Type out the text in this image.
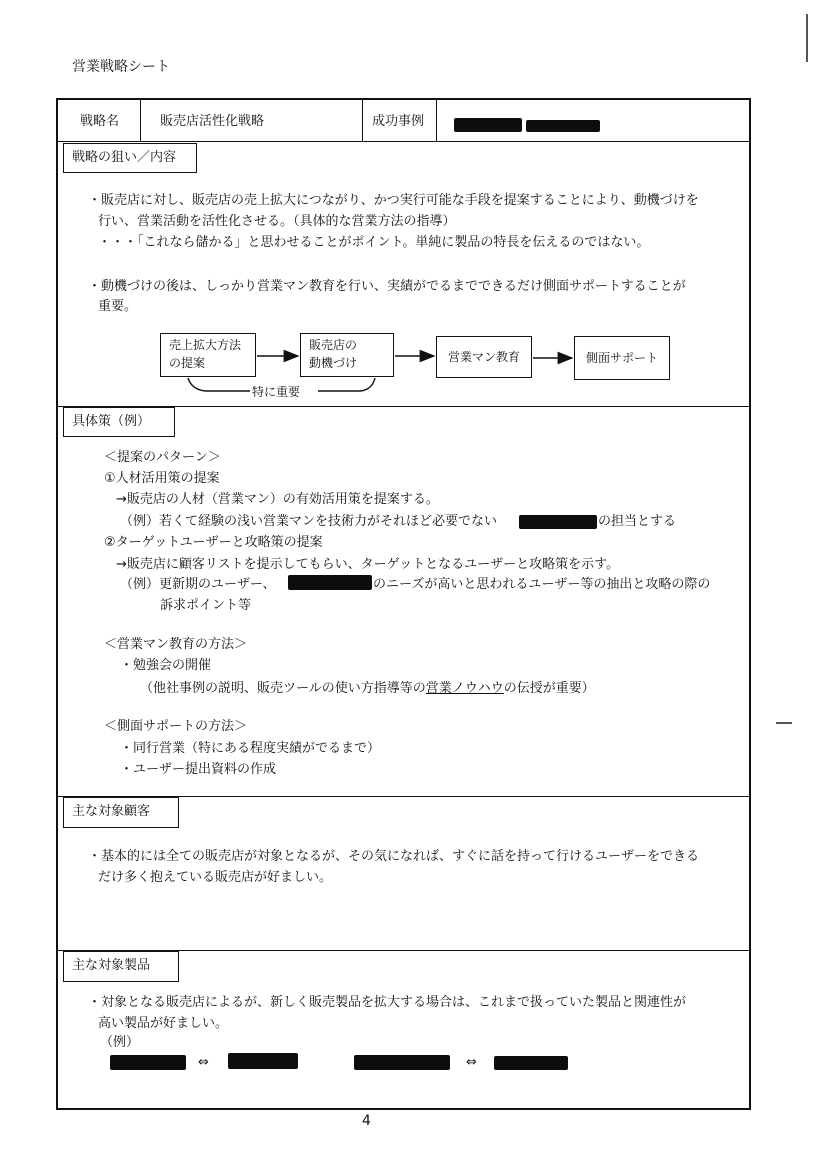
営業戦略シート
戦略名	販売店活性化戦略	成功事例
戦略の狙い／内容
・販売店に対し、販売店の売上拡大につながり、かつ実行可能な手段を提案することにより、動機づけを
行い、営業活動を活性化させる。（具体的な営業方法の指導）
・・・「これなら儲かる」と思わせることがポイント。単純に製品の特長を伝えるのではない。
・動機づけの後は、しっかり営業マン教育を行い、実績がでるまでできるだけ側面サポートすることが
重要。
売上拡大方法
の提案
販売店の
動機づけ	営業マン教育	側面サポート
特に重要
具体策（例）
＜提案のパターン＞
①人材活用策の提案
→販売店の人材（営業マン）の有効活用策を提案する。
（例）若くて経験の浅い営業マンを技術力がそれほど必要でない	の担当とする
②ターゲットユーザーと攻略策の提案
→販売店に顧客リストを提示してもらい、ターゲットとなるユーザーと攻略策を示す。
（例）更新期のユーザー、	のニーズが高いと思われるユーザー等の抽出と攻略の際の
訴求ポイント等
＜営業マン教育の方法＞
・勉強会の開催
（他社事例の説明、販売ツールの使い方指導等の営業ノウハウの伝授が重要）
＜側面サポートの方法＞
・同行営業（特にある程度実績がでるまで）
・ユーザー提出資料の作成
主な対象顧客
・基本的には全ての販売店が対象となるが、その気になれば、すぐに話を持って行けるユーザーをできる
だけ多く抱えている販売店が好ましい。
主な対象製品
・対象となる販売店によるが、新しく販売製品を拡大する場合は、これまで扱っていた製品と関連性が
高い製品が好ましい。
（例）
⇔	⇔
4
